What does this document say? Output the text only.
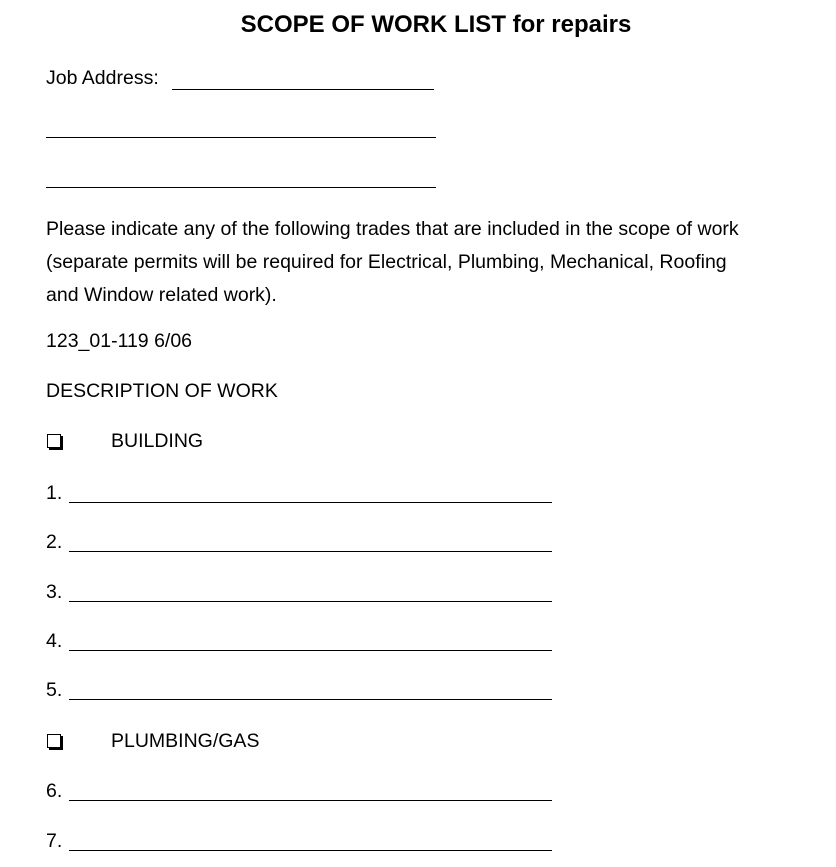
SCOPE OF WORK LIST for repairs
Job Address:
Please indicate any of the following trades that are included in the scope of work
(separate permits will be required for Electrical, Plumbing, Mechanical, Roofing
and Window related work).
123_01-119 6/06
DESCRIPTION OF WORK
BUILDING
1.
2.
3.
4.
5.
PLUMBING/GAS
6.
7.
